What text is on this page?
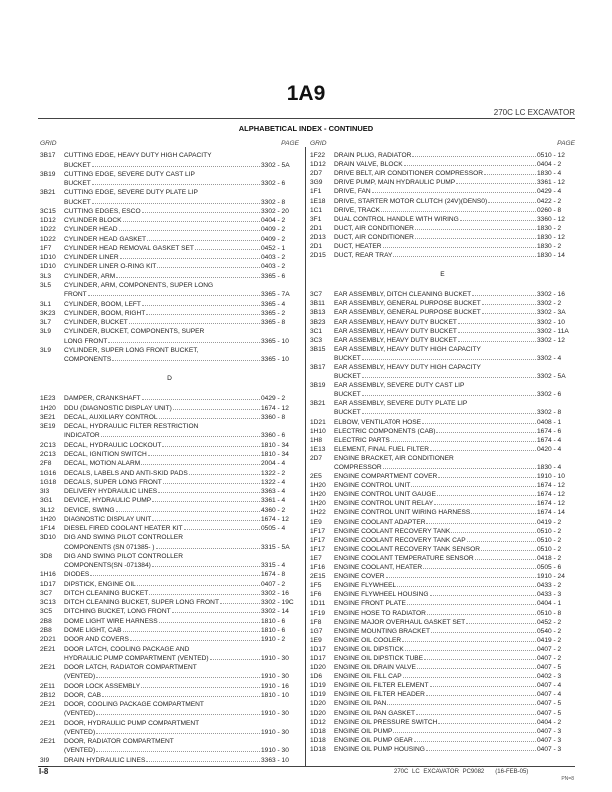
1A9
270C LC EXCAVATOR
ALPHABETICAL INDEX - CONTINUED
GRID	PAGE
3B17	CUTTING EDGE, HEAVY DUTY HIGH CAPACITY
BUCKET	3302 - 5A
3B19	CUTTING EDGE, SEVERE DUTY CAST LIP
BUCKET	3302 - 6
3B21	CUTTING EDGE, SEVERE DUTY PLATE LIP
BUCKET	3302 - 8
3C15	CUTTING EDGES, ESCO	3302 - 20
1D12	CYLINDER BLOCK	0404 - 2
1D22	CYLINDER HEAD	0409 - 2
1D22	CYLINDER HEAD GASKET	0409 - 2
1F7	CYLINDER HEAD REMOVAL GASKET SET	0452 - 1
1D10	CYLINDER LINER	0403 - 2
1D10	CYLINDER LINER O-RING KIT	0403 - 2
3L3	CYLINDER, ARM	3365 - 6
3L5	CYLINDER, ARM, COMPONENTS, SUPER LONG
FRONT	3365 - 7A
3L1	CYLINDER, BOOM, LEFT	3365 - 4
3K23	CYLINDER, BOOM, RIGHT	3365 - 2
3L7	CYLINDER, BUCKET	3365 - 8
3L9	CYLINDER, BUCKET, COMPONENTS, SUPER
LONG FRONT	3365 - 10
3L9	CYLINDER, SUPER LONG FRONT BUCKET,
COMPONENTS	3365 - 10
D
1E23	DAMPER, CRANKSHAFT	0429 - 2
1H20	DDU (DIAGNOSTIC DISPLAY UNIT)	1674 - 12
3E21	DECAL, AUXILIARY CONTROL	3360 - 8
3E19	DECAL, HYDRAULIC FILTER RESTRICTION
INDICATOR	3360 - 6
2C13	DECAL, HYDRAULIC LOCKOUT	1810 - 34
2C13	DECAL, IGNITION SWITCH	1810 - 34
2F8	DECAL, MOTION ALARM	2004 - 4
1G16	DECALS, LABELS AND ANTI-SKID PADS	1322 - 2
1G18	DECALS, SUPER LONG FRONT	1322 - 4
3I3	DELIVERY HYDRAULIC LINES	3363 - 4
3G1	DEVICE, HYDRAULIC PUMP	3361 - 4
3L12	DEVICE, SWING	4360 - 2
1H20	DIAGNOSTIC DISPLAY UNIT	1674 - 12
1F14	DIESEL FIRED COOLANT HEATER KIT	0505 - 4
3D10	DIG AND SWING PILOT CONTROLLER
COMPONENTS (SN 071385- )	3315 - 5A
3D8	DIG AND SWING PILOT CONTROLLER
COMPONENTS(SN -071384)	3315 - 4
1H16	DIODES	1674 - 8
1D17	DIPSTICK, ENGINE OIL	0407 - 2
3C7	DITCH CLEANING BUCKET	3302 - 16
3C13	DITCH CLEANING BUCKET, SUPER LONG FRONT	3302 - 19C
3C5	DITCHING BUCKET, LONG FRONT	3302 - 14
2B8	DOME LIGHT WIRE HARNESS	1810 - 6
2B8	DOME LIGHT, CAB	1810 - 6
2D21	DOOR AND COVERS	1910 - 2
2E21	DOOR LATCH, COOLING PACKAGE AND
HYDRAULIC PUMP COMPARTMENT (VENTED)	1910 - 30
2E21	DOOR LATCH, RADIATOR COMPARTMENT
(VENTED)	1910 - 30
2E11	DOOR LOCK ASSEMBLY	1910 - 16
2B12	DOOR, CAB	1810 - 10
2E21	DOOR, COOLING PACKAGE COMPARTMENT
(VENTED)	1910 - 30
2E21	DOOR, HYDRAULIC PUMP COMPARTMENT
(VENTED)	1910 - 30
2E21	DOOR, RADIATOR COMPARTMENT
(VENTED)	1910 - 30
3I9	DRAIN HYDRAULIC LINES	3363 - 10
GRID	PAGE
1F22	DRAIN PLUG, RADIATOR	0510 - 12
1D12	DRAIN VALVE, BLOCK	0404 - 2
2D7	DRIVE BELT, AIR CONDITIONER COMPRESSOR	1830 - 4
3G9	DRIVE PUMP, MAIN HYDRAULIC PUMP	3361 - 12
1F1	DRIVE, FAN	0429 - 4
1E18	DRIVE, STARTER MOTOR CLUTCH (24V)(DENS0)	0422 - 2
1C1	DRIVE, TRACK	0260 - 8
3F1	DUAL CONTROL HANDLE WITH WIRING	3360 - 12
2D1	DUCT, AIR CONDITIONER	1830 - 2
2D13	DUCT, AIR CONDITIONER	1830 - 12
2D1	DUCT, HEATER	1830 - 2
2D15	DUCT, REAR TRAY	1830 - 14
E
3C7	EAR ASSEMBLY, DITCH CLEANING BUCKET	3302 - 16
3B11	EAR ASSEMBLY, GENERAL PURPOSE BUCKET	3302 - 2
3B13	EAR ASSEMBLY, GENERAL PURPOSE BUCKET	3302 - 3A
3B23	EAR ASSEMBLY, HEAVY DUTY BUCKET	3302 - 10
3C1	EAR ASSEMBLY, HEAVY DUTY BUCKET	3302 - 11A
3C3	EAR ASSEMBLY, HEAVY DUTY BUCKET	3302 - 12
3B15	EAR ASSEMBLY, HEAVY DUTY HIGH CAPACITY
BUCKET	3302 - 4
3B17	EAR ASSEMBLY, HEAVY DUTY HIGH CAPACITY
BUCKET	3302 - 5A
3B19	EAR ASSEMBLY, SEVERE DUTY CAST LIP
BUCKET	3302 - 6
3B21	EAR ASSEMBLY, SEVERE DUTY PLATE LIP
BUCKET	3302 - 8
1D21	ELBOW, VENTILAT0R HOSE	0408 - 1
1H10	ELECTRIC COMPONENTS (CAB)	1674 - 6
1H8	ELECTRIC PARTS	1674 - 4
1E13	ELEMENT, FINAL FUEL FILTER	0420 - 4
2D7	ENGINE BRACKET, AIR CONDITIONER
COMPRESSOR	1830 - 4
2E5	ENGINE COMPARTMENT COVER	1910 - 10
1H20	ENGINE CONTROL UNIT	1674 - 12
1H20	ENGINE CONTROL UNIT GAUGE	1674 - 12
1H20	ENGINE CONTROL UNIT RELAY	1674 - 12
1H22	ENGINE CONTROL UNIT WIRING HARNESS	1674 - 14
1E9	ENGINE COOLANT ADAPTER	0419 - 2
1F17	ENGINE COOLANT RECOVERY TANK	0510 - 2
1F17	ENGINE COOLANT RECOVERY TANK CAP	0510 - 2
1F17	ENGINE COOLANT RECOVERY TANK SENSOR	0510 - 2
1E7	ENGINE COOLANT TEMPERATURE SENSOR	0418 - 2
1F16	ENGINE COOLANT, HEATER	0505 - 6
2E15	ENGINE COVER	1910 - 24
1F5	ENGINE FLYWHEEL	0433 - 2
1F6	ENGINE FLYWHEEL HOUSING	0433 - 3
1D11	ENGINE FRONT PLATE	0404 - 1
1F19	ENGINE HOSE TO RADIATOR	0510 - 8
1F8	ENGINE MAJOR OVERHAUL GASKET SET	0452 - 2
1G7	ENGINE MOUNTING BRACKET	0540 - 2
1E9	ENGINE OIL COOLER	0419 - 2
1D17	ENGINE OIL DIPSTICK	0407 - 2
1D17	ENGINE OIL DIPSTICK TUBE	0407 - 2
1D20	ENGINE OIL DRAIN VALVE	0407 - 5
1D6	ENGINE OIL FILL CAP	0402 - 3
1D19	ENGINE OIL FILTER ELEMENT	0407 - 4
1D19	ENGINE OIL FILTER HEADER	0407 - 4
1D20	ENGINE OIL PAN	0407 - 5
1D20	ENGINE OIL PAN GASKET	0407 - 5
1D12	ENGINE OIL PRESSURE SWITCH	0404 - 2
1D18	ENGINE OIL PUMP	0407 - 3
1D18	ENGINE OIL PUMP GEAR	0407 - 3
1D18	ENGINE OIL PUMP HOUSING	0407 - 3
I-8	270C LC EXCAVATOR PC9082 (16-FEB-05)
PN=8
